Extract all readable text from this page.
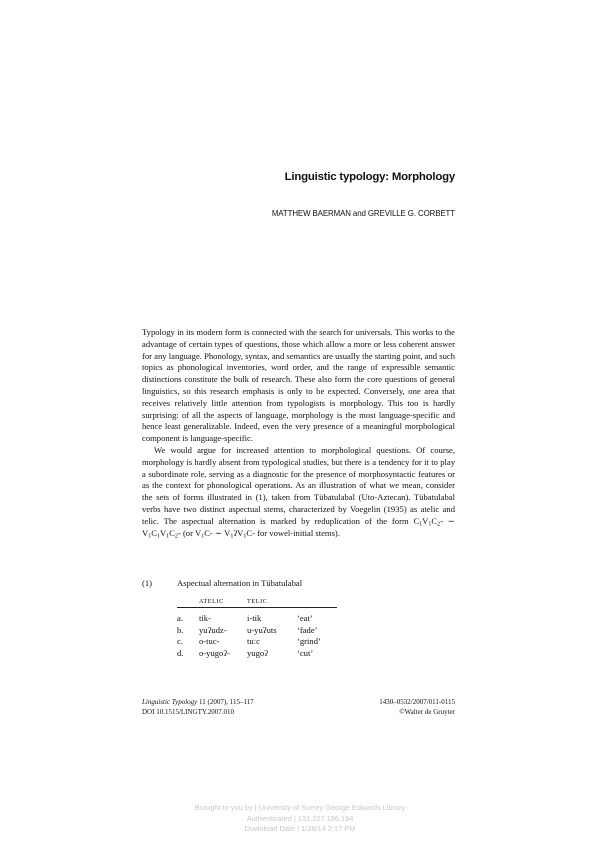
Linguistic typology: Morphology
MATTHEW BAERMAN and GREVILLE G. CORBETT

Typology in its modern form is connected with the search for universals. This works to the advantage of certain types of questions, those which allow a more or less coherent answer for any language. Phonology, syntax, and semantics are usually the starting point, and such topics as phonological inventories, word order, and the range of expressible semantic distinctions constitute the bulk of research. These also form the core questions of general linguistics, so this research emphasis is only to be expected. Conversely, one area that receives relatively little attention from typologists is morphology. This too is hardly surprising: of all the aspects of language, morphology is the most language-specific and hence least generalizable. Indeed, even the very presence of a meaningful morphological component is language-specific.

We would argue for increased attention to morphological questions. Of course, morphology is hardly absent from typological studies, but there is a tendency for it to play a subordinate role, serving as a diagnostic for the presence of morphosyntactic features or as the context for phonological operations. As an illustration of what we mean, consider the sets of forms illustrated in (1), taken from Tübatulabal (Uto-Aztecan). Tübatulabal verbs have two distinct aspectual stems, characterized by Voegelin (1935) as atelic and telic. The aspectual alternation is marked by reduplication of the form $C_1V_1C_2-$ ∼ $V_1C_1V_1C_2-$ (or $V_1C-$ ∼ $V_1ʔV_1C-$ for vowel-initial stems).

(1)	Aspectual alternation in Tübatulabal
	ATELIC	TELIC	
a.	tik-	i-tik	‘eat’
b.	yuʔudz-	u-yuʔuts	‘fade’
c.	o-tuc-	tuːc	‘grind’
d.	o-yugoʔ-	yugoʔ	‘cut’
Linguistic Typology 11 (2007), 115–117
DOI 10.1515/LINGTY.2007.010
1430–0532/2007/011-0115
©Walter de Gruyter
Brought to you by | University of Surrey George Edwards Library
Authenticated | 131.227.186.194
Download Date | 1/28/14 2:17 PM
